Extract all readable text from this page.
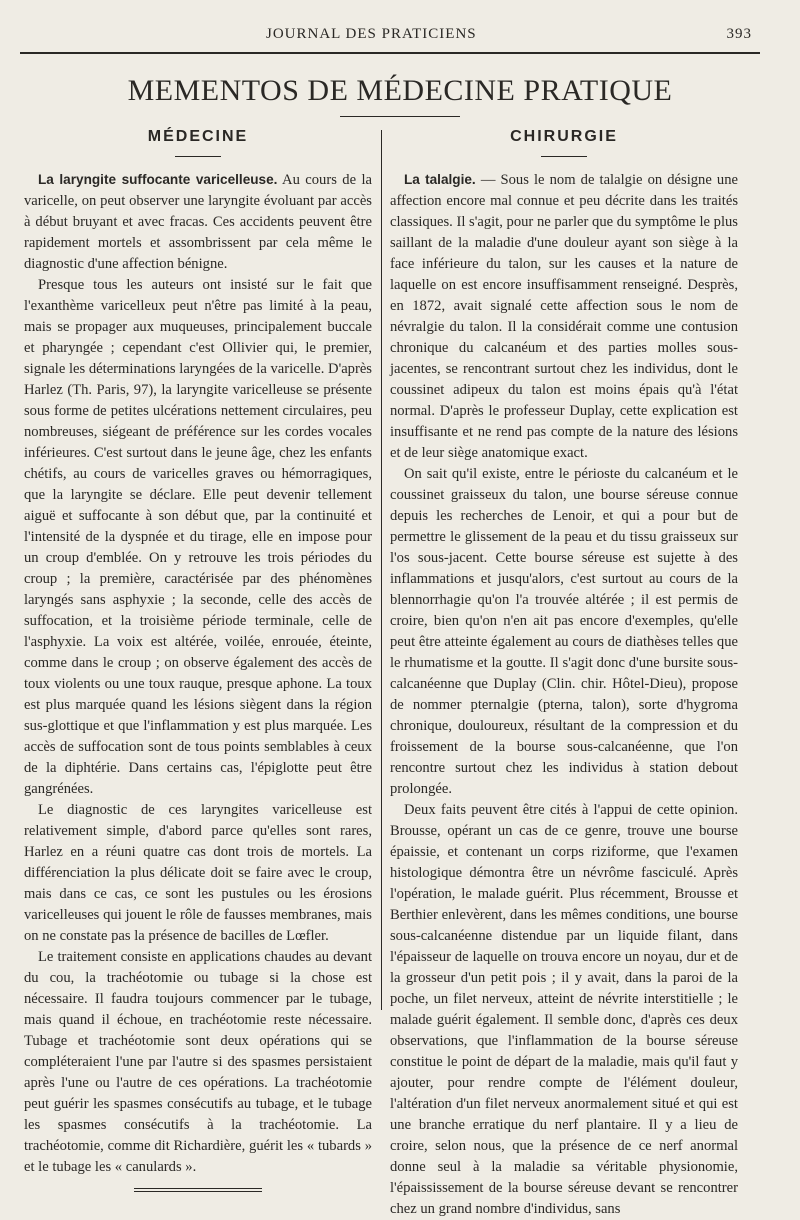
JOURNAL DES PRATICIENS	393
MEMENTOS DE MÉDECINE PRATIQUE
MÉDECINE

La laryngite suffocante varicelleuse. Au cours de la varicelle, on peut observer une laryngite évoluant par accès à début bruyant et avec fracas. Ces accidents peuvent être rapidement mortels et assombrissent par cela même le diagnostic d'une affection bénigne.

Presque tous les auteurs ont insisté sur le fait que l'exanthème varicelleux peut n'être pas limité à la peau, mais se propager aux muqueuses, principalement buccale et pharyngée ; cependant c'est Ollivier qui, le premier, signale les déterminations laryngées de la varicelle. D'après Harlez (Th. Paris, 97), la laryngite varicelleuse se présente sous forme de petites ulcérations nettement circulaires, peu nombreuses, siégeant de préférence sur les cordes vocales inférieures. C'est surtout dans le jeune âge, chez les enfants chétifs, au cours de varicelles graves ou hémorragiques, que la laryngite se déclare. Elle peut devenir tellement aiguë et suffocante à son début que, par la continuité et l'intensité de la dyspnée et du tirage, elle en impose pour un croup d'emblée. On y retrouve les trois périodes du croup ; la première, caractérisée par des phénomènes laryngés sans asphyxie ; la seconde, celle des accès de suffocation, et la troisième période terminale, celle de l'asphyxie. La voix est altérée, voilée, enrouée, éteinte, comme dans le croup ; on observe également des accès de toux violents ou une toux rauque, presque aphone. La toux est plus marquée quand les lésions siègent dans la région sus-glottique et que l'inflammation y est plus marquée. Les accès de suffocation sont de tous points semblables à ceux de la diphtérie. Dans certains cas, l'épiglotte peut être gangrénées.

Le diagnostic de ces laryngites varicelleuse est relativement simple, d'abord parce qu'elles sont rares, Harlez en a réuni quatre cas dont trois de mortels. La différenciation la plus délicate doit se faire avec le croup, mais dans ce cas, ce sont les pustules ou les érosions varicelleuses qui jouent le rôle de fausses membranes, mais on ne constate pas la présence de bacilles de Lœfler.

Le traitement consiste en applications chaudes au devant du cou, la trachéotomie ou tubage si la chose est nécessaire. Il faudra toujours commencer par le tubage, mais quand il échoue, en trachéotomie reste nécessaire. Tubage et trachéotomie sont deux opérations qui se compléteraient l'une par l'autre si des spasmes persistaient après l'une ou l'autre de ces opérations. La trachéotomie peut guérir les spasmes consécutifs au tubage, et le tubage les spasmes consécutifs à la trachéotomie. La trachéotomie, comme dit Richardière, guérit les « tubards » et le tubage les « canulards ».

CHIRURGIE

La talalgie. — Sous le nom de talalgie on désigne une affection encore mal connue et peu décrite dans les traités classiques. Il s'agit, pour ne parler que du symptôme le plus saillant de la maladie d'une douleur ayant son siège à la face inférieure du talon, sur les causes et la nature de laquelle on est encore insuffisamment renseigné. Desprès, en 1872, avait signalé cette affection sous le nom de névralgie du talon. Il la considérait comme une contusion chronique du calcanéum et des parties molles sous-jacentes, se rencontrant surtout chez les individus, dont le coussinet adipeux du talon est moins épais qu'à l'état normal. D'après le professeur Duplay, cette explication est insuffisante et ne rend pas compte de la nature des lésions et de leur siège anatomique exact.

On sait qu'il existe, entre le périoste du calcanéum et le coussinet graisseux du talon, une bourse séreuse connue depuis les recherches de Lenoir, et qui a pour but de permettre le glissement de la peau et du tissu graisseux sur l'os sous-jacent. Cette bourse séreuse est sujette à des inflammations et jusqu'alors, c'est surtout au cours de la blennorrhagie qu'on l'a trouvée altérée ; il est permis de croire, bien qu'on n'en ait pas encore d'exemples, qu'elle peut être atteinte également au cours de diathèses telles que le rhumatisme et la goutte. Il s'agit donc d'une bursite sous-calcanéenne que Duplay (Clin. chir. Hôtel-Dieu), propose de nommer pternalgie (pterna, talon), sorte d'hygroma chronique, douloureux, résultant de la compression et du froissement de la bourse sous-calcanéenne, que l'on rencontre surtout chez les individus à station debout prolongée.

Deux faits peuvent être cités à l'appui de cette opinion. Brousse, opérant un cas de ce genre, trouve une bourse épaissie, et contenant un corps riziforme, que l'examen histologique démontra être un névrôme fasciculé. Après l'opération, le malade guérit. Plus récemment, Brousse et Berthier enlevèrent, dans les mêmes conditions, une bourse sous-calcanéenne distendue par un liquide filant, dans l'épaisseur de laquelle on trouva encore un noyau, dur et de la grosseur d'un petit pois ; il y avait, dans la paroi de la poche, un filet nerveux, atteint de névrite interstitielle ; le malade guérit également. Il semble donc, d'après ces deux observations, que l'inflammation de la bourse séreuse constitue le point de départ de la maladie, mais qu'il faut y ajouter, pour rendre compte de l'élément douleur, l'altération d'un filet nerveux anormalement situé et qui est une branche erratique du nerf plantaire. Il y a lieu de croire, selon nous, que la présence de ce nerf anormal donne seul à la maladie sa véritable physionomie, l'épaississement de la bourse séreuse devant se rencontrer chez un grand nombre d'individus, sans
